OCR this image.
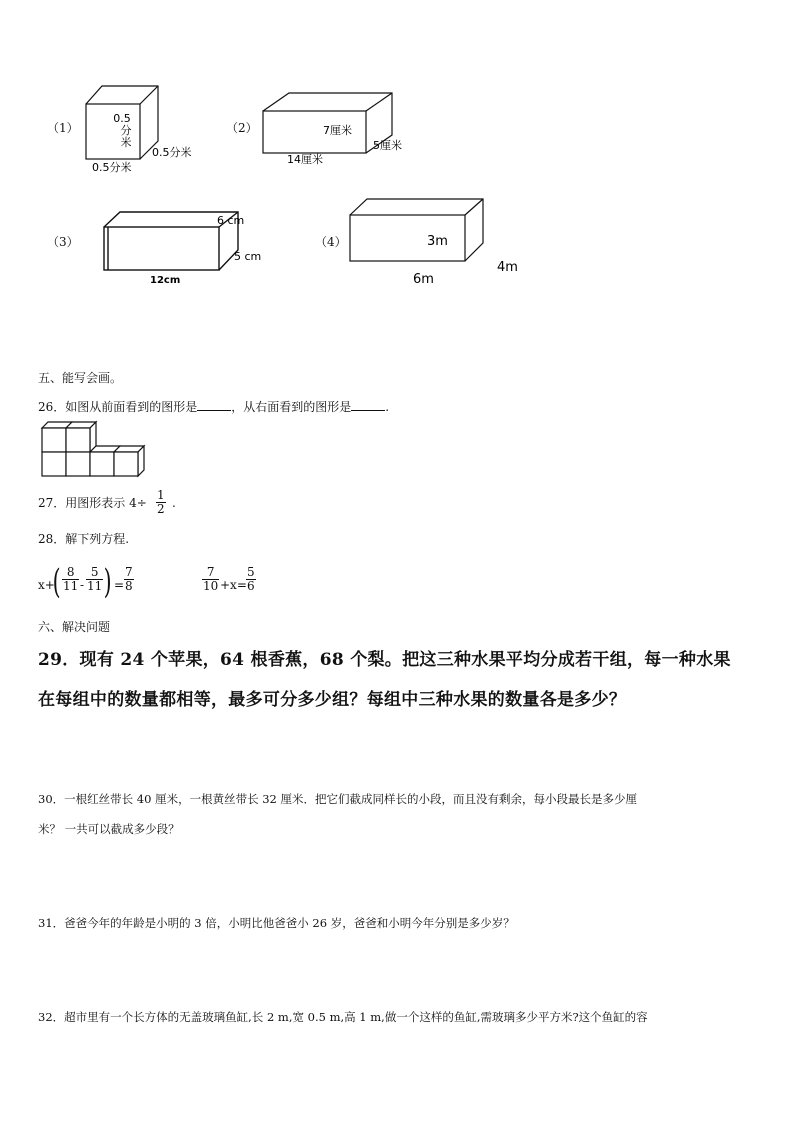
（1）
0.5
分
米
0.5分米
0.5分米
（2）	7厘米
5厘米
14厘米
（3）
6 cm
5 cm
12cm
（4）	3m
6m
4m
五、能写会画。
26．如图从前面看到的图形是	，从右面看到的图形是	.
27．用图形表示 $4\div \frac{1}{2}$ .
28．解下列方程.
x+
( $\frac{8}{11} - \frac{5}{11}$ ) = $\frac{7}{8}$	$\frac{7}{10} +x= \frac{5}{6}$
六、解决问题
29．现有 24 个苹果，64 根香蕉，68 个梨。把这三种水果平均分成若干组，每一种水果
在每组中的数量都相等，最多可分多少组？每组中三种水果的数量各是多少？
30．一根红丝带长 40 厘米，一根黄丝带长 32 厘米．把它们截成同样长的小段，而且没有剩余，每小段最长是多少厘
米？ 一共可以截成多少段？
31．爸爸今年的年龄是小明的 3 倍，小明比他爸爸小 26 岁，爸爸和小明今年分别是多少岁？
32．超市里有一个长方体的无盖玻璃鱼缸,长 2 m,宽 0.5 m,高 1 m,做一个这样的鱼缸,需玻璃多少平方米?这个鱼缸的容
